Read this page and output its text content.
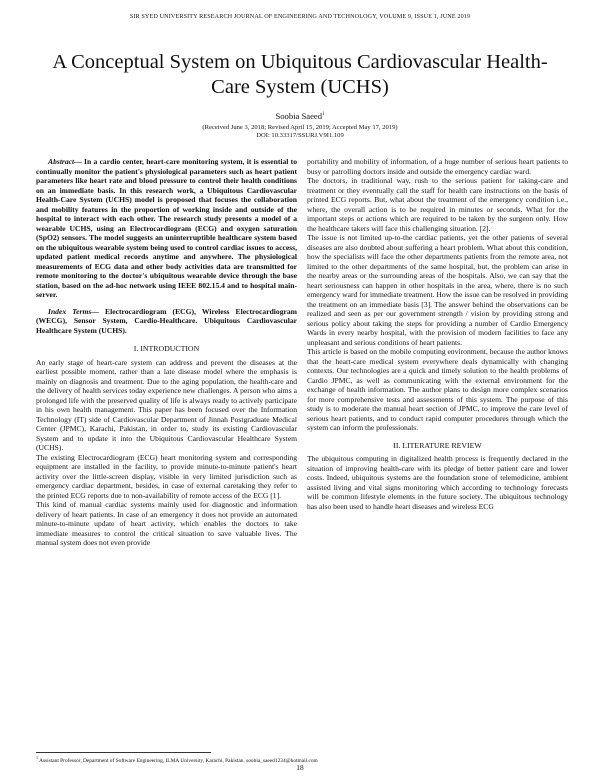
SIR SYED UNIVERSITY RESEARCH JOURNAL OF ENGINEERING AND TECHNOLOGY, VOLUME 9, ISSUE 1, JUNE 2019
A Conceptual System on Ubiquitous Cardiovascular Health-Care System (UCHS)
Soobia Saeed$^1$
(Received June 3, 2018; Revised April 15, 2019; Accepted May 17, 2019)
DOI: 10.33317/SSURJ.V9I1.109

Abstract— In a cardio center, heart-care monitoring system, it is essential to continually monitor the patient's physiological parameters such as heart patient parameters like heart rate and blood pressure to control their health conditions on an immediate basis. In this research work, a Ubiquitous Cardiovascular Health-Care System (UCHS) model is proposed that focuses the collaboration and mobility features in the proportion of working inside and outside of the hospital to interact with each other. The research study presents a model of a wearable UCHS, using an Electrocardiogram (ECG) and oxygen saturation (SpO2) sensors. The model suggests an uninterruptible healthcare system based on the ubiquitous wearable system being used to control cardiac issues to access, updated patient medical records anytime and anywhere. The physiological measurements of ECG data and other body activities data are transmitted for remote monitoring to the doctor's ubiquitous wearable device through the base station, based on the ad-hoc network using IEEE 802.15.4 and to hospital main-server.

Index Terms— Electrocardiogram (ECG), Wireless Electrocardiogram (WECG), Sensor System, Cardio-Healthcare. Ubiquitous Cardiovascular Healthcare System (UCHS).

I. INTRODUCTION

An early stage of heart-care system can address and prevent the diseases at the earliest possible moment, rather than a late disease model where the emphasis is mainly on diagnosis and treatment. Due to the aging population, the health-care and the delivery of health services today experience new challenges. A person who aims a prolonged life with the preserved quality of life is always ready to actively participate in his own health management. This paper has been focused over the Information Technology (IT) side of Cardiovascular Department of Jinnah Postgraduate Medical Center (JPMC), Karachi, Pakistan, in order to, study its existing Cardiovascular System and to update it into the Ubiquitous Cardiovascular Healthcare System (UCHS).

The existing Electrocardiogram (ECG) heart monitoring system and corresponding equipment are installed in the facility, to provide minute-to-minute patient's heart activity over the little-screen display, visible in very limited jurisdiction such as emergency cardiac department, besides, in case of external caretaking they refer to the printed ECG reports due to non-availability of remote access of the ECG [1].

This kind of manual cardiac systems mainly used for diagnostic and information delivery of heart patients. In case of an emergency it does not provide an automated minute-to-minute update of heart activity, which enables the doctors to take immediate measures to control the critical situation to save valuable lives. The manual system does not even provide

portability and mobility of information, of a huge number of serious heart patients to busy or patrolling doctors inside and outside the emergency cardiac ward.

The doctors, in traditional way, rush to the serious patient for taking-care and treatment or they eventually call the staff for health care instructions on the basis of printed ECG reports. But, what about the treatment of the emergency condition i.e., where, the overall action is to be required in minutes or seconds. What for the important steps or actions which are required to be taken by the surgeon only. How the healthcare takers will face this challenging situation. [2].

The issue is not limited up-to-the cardiac patients, yet the other patients of several diseases are also doubted about suffering a heart problem. What about this condition, how the specialists will face the other departments patients from the remote area, not limited to the other departments of the same hospital, but, the problem can arise in the nearby areas or the surrounding areas of the hospitals. Also, we can say that the heart seriousness can happen in other hospitals in the area, where, there is no such emergency ward for immediate treatment. How the issue can be resolved in providing the treatment on an immediate basis [3]. The answer behind the observations can be realized and seen as per our government strength / vision by providing strong and serious policy about taking the steps for providing a number of Cardio Emergency Wards in every nearby hospital, with the provision of modern facilities to face any unpleasant and serious conditions of heart patients.

This article is based on the mobile computing environment, because the author knows that the heart-care medical system everywhere deals dynamically with changing contexts. Our technologies are a quick and timely solution to the health problems of Cardio JPMC, as well as communicating with the external environment for the exchange of health information. The author plans to design more complex scenarios for more comprehensive tests and assessments of this system. The purpose of this study is to moderate the manual heart section of JPMC, to improve the care level of serious heart patients, and to conduct rapid computer procedures through which the system can inform the professionals.

II. LITERATURE REVIEW

The ubiquitous computing in digitalized health process is frequently declared in the situation of improving health-care with its pledge of better patient care and lower costs. Indeed, ubiquitous systems are the foundation stone of telemedicine, ambient assisted living and vital signs monitoring which according to technology forecasts will be common lifestyle elements in the future society. The ubiquitous technology has also been used to handle heart diseases and wireless ECG

$^1$ Assistant Professor, Department of Software Engineering, ILMA University, Karachi, Pakistan. soobia_saeed1234@hotmail.com
18
